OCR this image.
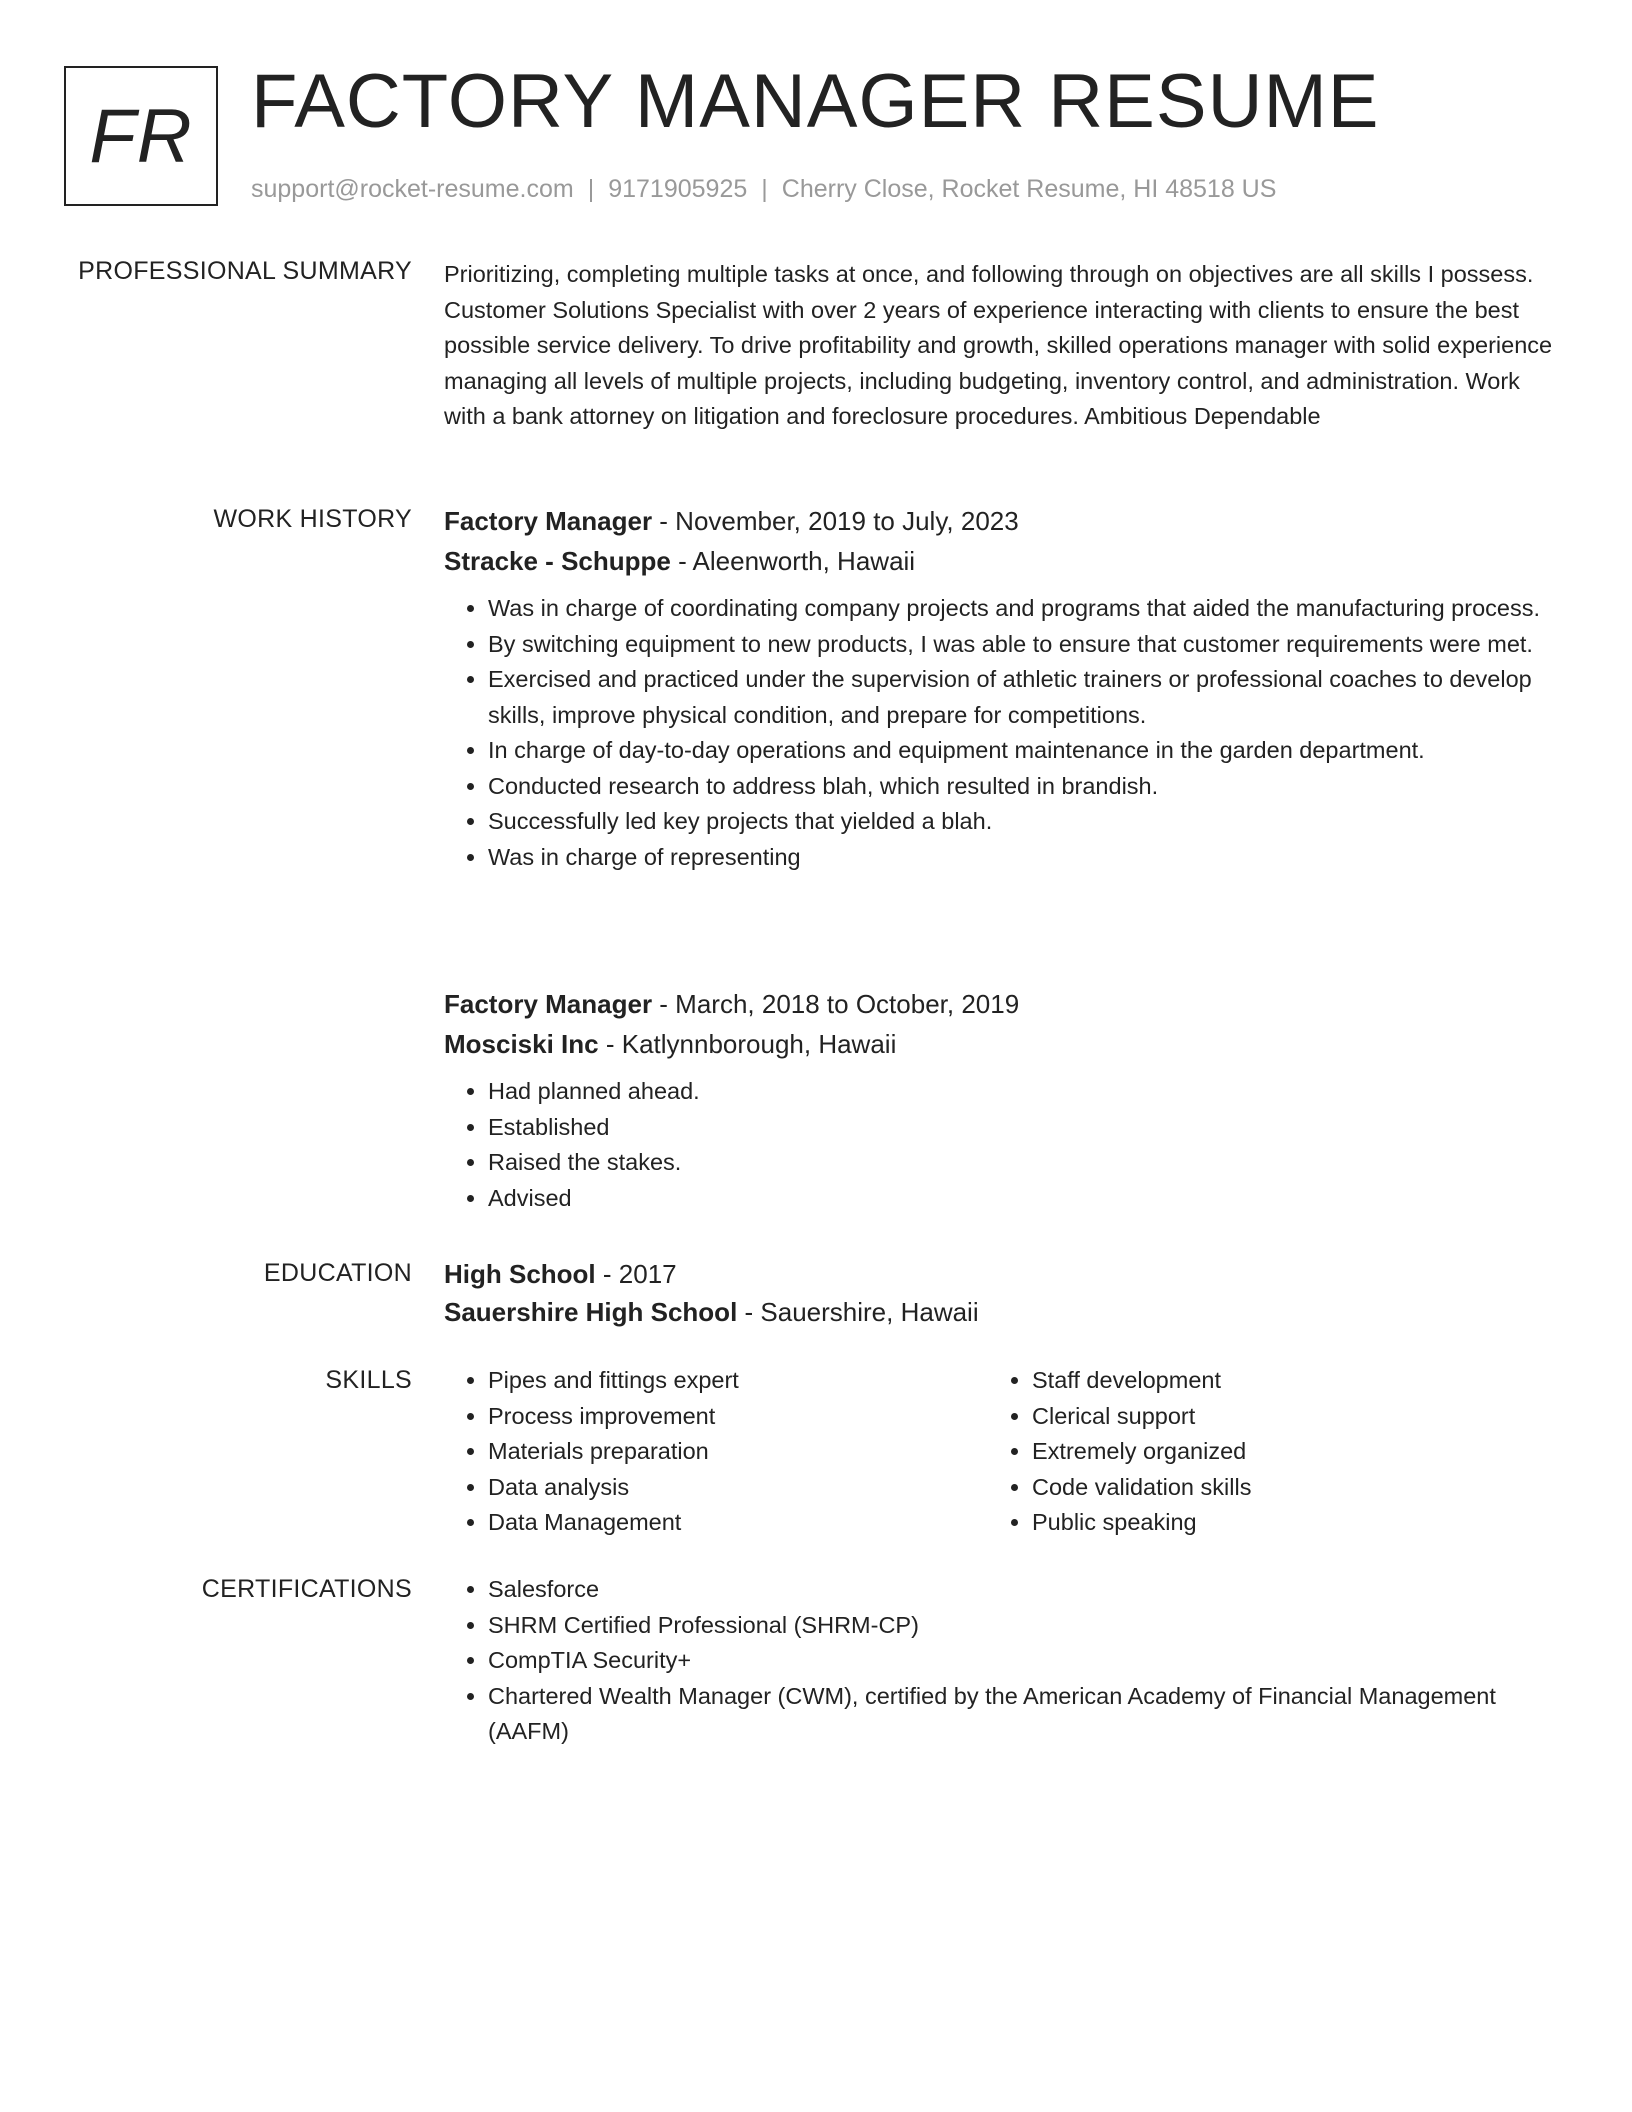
FR FACTORY MANAGER RESUME
support@rocket-resume.com | 9171905925 | Cherry Close, Rocket Resume, HI 48518 US
PROFESSIONAL SUMMARY Prioritizing, completing multiple tasks at once, and following through on objectives are all skills I possess. Customer Solutions Specialist with over 2 years of experience interacting with clients to ensure the best possible service delivery. To drive profitability and growth, skilled operations manager with solid experience managing all levels of multiple projects, including budgeting, inventory control, and administration. Work with a bank attorney on litigation and foreclosure procedures. Ambitious Dependable

WORK HISTORY Factory Manager - November, 2019 to July, 2023
Stracke - Schuppe - Aleenworth, Hawaii
• Was in charge of coordinating company projects and programs that aided the manufacturing process.
• By switching equipment to new products, I was able to ensure that customer requirements were met.
• Exercised and practiced under the supervision of athletic trainers or professional coaches to develop skills, improve physical condition, and prepare for competitions.
• In charge of day-to-day operations and equipment maintenance in the garden department.
• Conducted research to address blah, which resulted in brandish.
• Successfully led key projects that yielded a blah.
• Was in charge of representing
Factory Manager - March, 2018 to October, 2019
Mosciski Inc - Katlynnborough, Hawaii
• Had planned ahead.
• Established
• Raised the stakes.
• Advised
EDUCATION High School - 2017
Sauershire High School - Sauershire, Hawaii
SKILLS	• Pipes and fittings expert
• Process improvement
• Materials preparation
• Data analysis
• Data Management
• Staff development
• Clerical support
• Extremely organized
• Code validation skills
• Public speaking
CERTIFICATIONS	• Salesforce
• SHRM Certified Professional (SHRM-CP)
• CompTIA Security+
• Chartered Wealth Manager (CWM), certified by the American Academy of Financial Management (AAFM)
